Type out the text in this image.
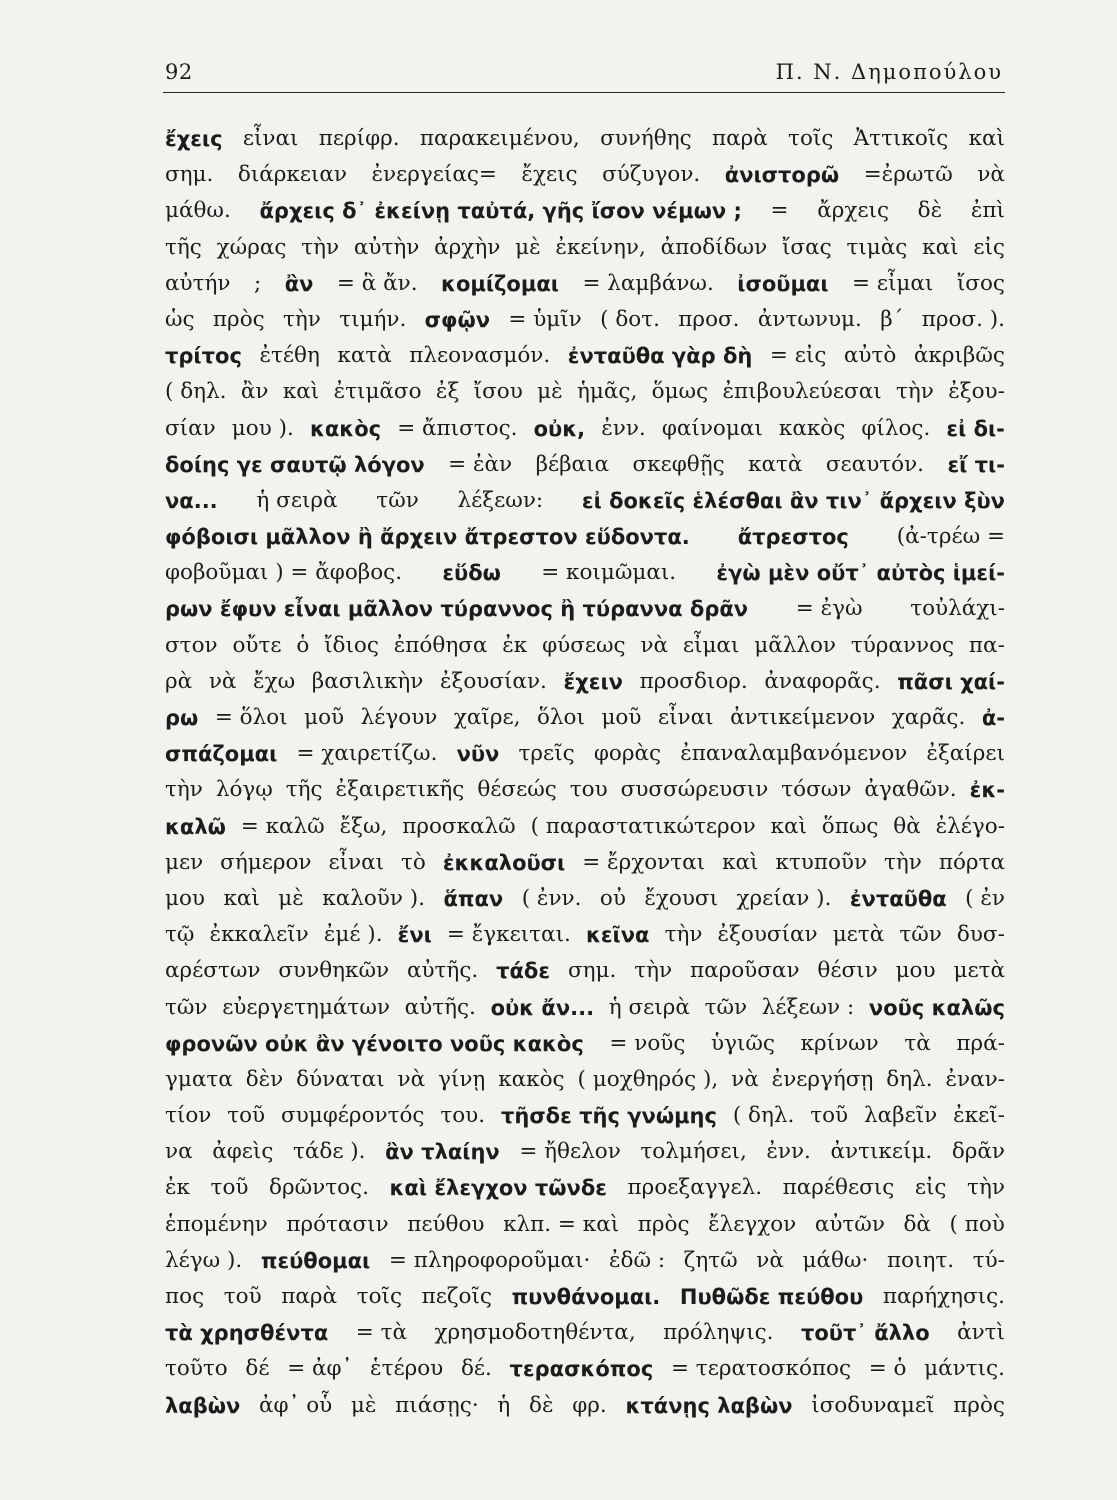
92	Π. Ν. Δημοπούλου
ἔχεις εἶναι περίφρ. παρακειμένου, συνήθης παρὰ τοῖς Ἀττικοῖς καὶ
σημ. διάρκειαν ἐνεργείας= ἔχεις σύζυγον. ἀνιστορῶ =ἐρωτῶ νὰ
μάθω. ἄρχεις δ᾽ ἐκείνῃ ταὐτά, γῆς ἴσον νέμων ; = ἄρχεις δὲ ἐπὶ
τῆς χώρας τὴν αὐτὴν ἀρχὴν μὲ ἐκείνην, ἀποδίδων ἴσας τιμὰς καὶ εἰς
αὐτήν ; ἂν = ἃ ἄν. κομίζομαι = λαμβάνω. ἰσοῦμαι = εἶμαι ἴσος
ὡς πρὸς τὴν τιμήν. σφῷν = ὑμῖν ( δοτ. προσ. ἀντωνυμ. β´ προσ. ).
τρίτος ἐτέθη κατὰ πλεονασμόν. ἐνταῦθα γὰρ δὴ = εἰς αὐτὸ ἀκριβῶς
( δηλ. ἂν καὶ ἐτιμᾶσο ἐξ ἴσου μὲ ἡμᾶς, ὅμως ἐπιβουλεύεσαι τὴν ἐξου-
σίαν μου ). κακὸς = ἄπιστος. οὐκ, ἐνν. φαίνομαι κακὸς φίλος. εἰ δι-
δοίης γε σαυτῷ λόγον = ἐὰν βέβαια σκεφθῇς κατὰ σεαυτόν. εἴ τι-
να... ἡ σειρὰ τῶν λέξεων: εἰ δοκεῖς ἑλέσθαι ἂν τιν᾽ ἄρχειν ξὺν
φόβοισι μᾶλλον ἢ ἄρχειν ἄτρεστον εὕδοντα. ἄτρεστος (ἀ-τρέω =
φοβοῦμαι ) = ἄφοβος. εὕδω = κοιμῶμαι. ἐγὼ μὲν οὔτ᾽ αὐτὸς ἱμεί-
ρων ἔφυν εἶναι μᾶλλον τύραννος ἢ τύραννα δρᾶν = ἐγὼ τοὐλάχι-
στον οὔτε ὁ ἴδιος ἐπόθησα ἐκ φύσεως νὰ εἶμαι μᾶλλον τύραννος πα-
ρὰ νὰ ἔχω βασιλικὴν ἐξουσίαν. ἔχειν προσδιορ. ἀναφορᾶς. πᾶσι χαί-
ρω = ὅλοι μοῦ λέγουν χαῖρε, ὅλοι μοῦ εἶναι ἀντικείμενον χαρᾶς. ἀ-
σπάζομαι = χαιρετίζω. νῦν τρεῖς φορὰς ἐπαναλαμβανόμενον ἐξαίρει
τὴν λόγῳ τῆς ἐξαιρετικῆς θέσεώς του συσσώρευσιν τόσων ἀγαθῶν. ἐκ-
καλῶ = καλῶ ἔξω, προσκαλῶ ( παραστατικώτερον καὶ ὅπως θὰ ἐλέγο-
μεν σήμερον εἶναι τὸ ἐκκαλοῦσι = ἔρχονται καὶ κτυποῦν τὴν πόρτα
μου καὶ μὲ καλοῦν ). ἅπαν ( ἐνν. οὐ ἔχουσι χρείαν ). ἐνταῦθα ( ἐν
τῷ ἐκκαλεῖν ἐμέ ). ἔνι = ἔγκειται. κεῖνα τὴν ἐξουσίαν μετὰ τῶν δυσ-
αρέστων συνθηκῶν αὐτῆς. τάδε σημ. τὴν παροῦσαν θέσιν μου μετὰ
τῶν εὐεργετημάτων αὐτῆς. οὐκ ἄν... ἡ σειρὰ τῶν λέξεων : νοῦς καλῶς
φρονῶν οὐκ ἂν γένοιτο νοῦς κακὸς = νοῦς ὑγιῶς κρίνων τὰ πρά-
γματα δὲν δύναται νὰ γίνῃ κακὸς ( μοχθηρός ), νὰ ἐνεργήσῃ δηλ. ἐναν-
τίον τοῦ συμφέροντός του. τῆσδε τῆς γνώμης ( δηλ. τοῦ λαβεῖν ἐκεῖ-
να ἀφεὶς τάδε ). ἂν τλαίην = ἤθελον τολμήσει, ἐνν. ἀντικείμ. δρᾶν
ἐκ τοῦ δρῶντος. καὶ ἔλεγχον τῶνδε προεξαγγελ. παρέθεσις εἰς τὴν
ἑπομένην πρότασιν πεύθου κλπ. = καὶ πρὸς ἔλεγχον αὐτῶν δὰ ( ποὺ
λέγω ). πεύθομαι = πληροφοροῦμαι· ἐδῶ : ζητῶ νὰ μάθω· ποιητ. τύ-
πος τοῦ παρὰ τοῖς πεζοῖς πυνθάνομαι. Πυθῶδε πεύθου παρήχησις.
τὰ χρησθέντα = τὰ χρησμοδοτηθέντα, πρόληψις. τοῦτ᾽ ἄλλο ἀντὶ
τοῦτο δέ = ἀφ᾽ ἑτέρου δέ. τερασκόπος = τερατοσκόπος = ὁ μάντις.
λαβὼν ἀφ᾽ οὗ μὲ πιάσῃς· ἡ δὲ φρ. κτάνῃς λαβὼν ἰσοδυναμεῖ πρὸς
